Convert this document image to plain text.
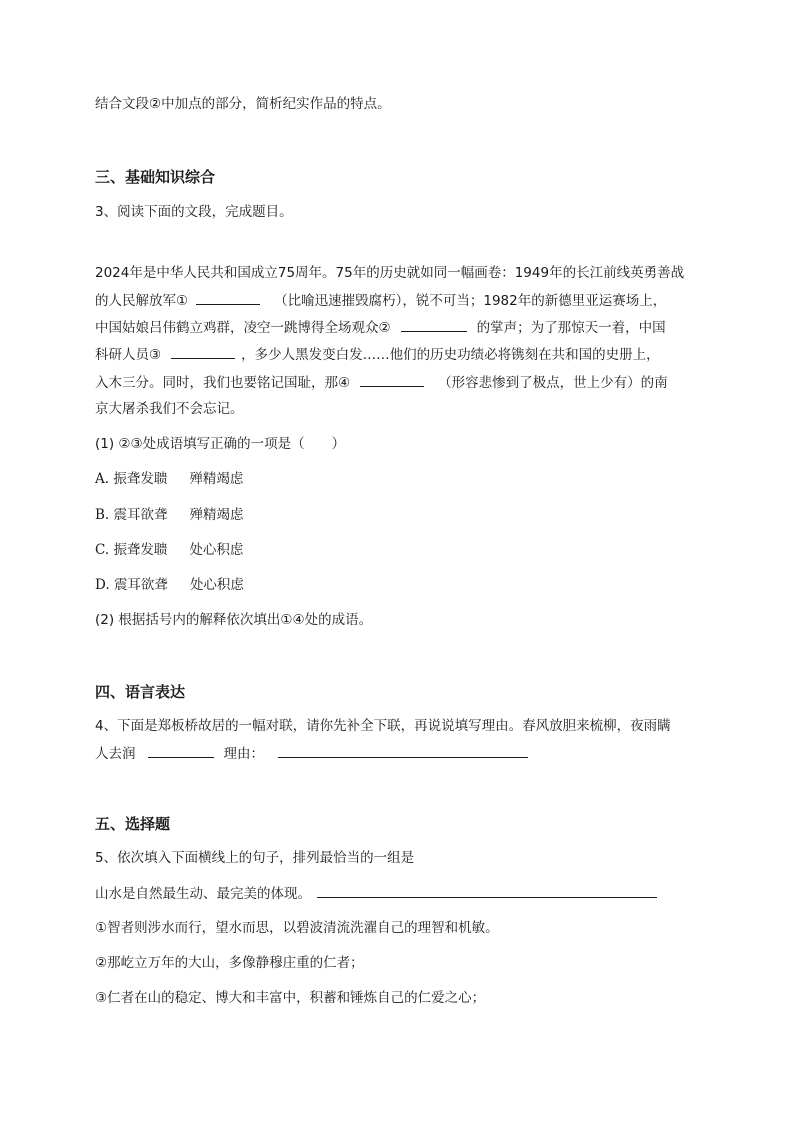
结合文段②中加点的部分，简析纪实作品的特点。
三、基础知识综合
3、阅读下面的文段，完成题目。
2024年是中华人民共和国成立75周年。75年的历史就如同一幅画卷：1949年的长江前线英勇善战
的人民解放军①	（比喻迅速摧毁腐朽），锐不可当；1982年的新德里亚运赛场上，
中国姑娘吕伟鹤立鸡群，凌空一跳博得全场观众②	的掌声；为了那惊天一着，中国
科研人员③	，多少人黑发变白发……他们的历史功绩必将镌刻在共和国的史册上，
入木三分。同时，我们也要铭记国耻，那④	（形容悲惨到了极点，世上少有）的南
京大屠杀我们不会忘记。
(1) ②③处成语填写正确的一项是（　　）
A. 振聋发聩 殚精竭虑
B. 震耳欲聋 殚精竭虑
C. 振聋发聩 处心积虑
D. 震耳欲聋 处心积虑
(2) 根据括号内的解释依次填出①④处的成语。
四、语言表达
4、下面是郑板桥故居的一幅对联，请你先补全下联，再说说填写理由。春风放胆来梳柳，夜雨瞒
人去润	理由：
五、选择题
5、依次填入下面横线上的句子，排列最恰当的一组是
山水是自然最生动、最完美的体现。
①智者则涉水而行，望水而思，以碧波清流洗濯自己的理智和机敏。
②那屹立万年的大山，多像静穆庄重的仁者；
③仁者在山的稳定、博大和丰富中，积蓄和锤炼自己的仁爱之心；
